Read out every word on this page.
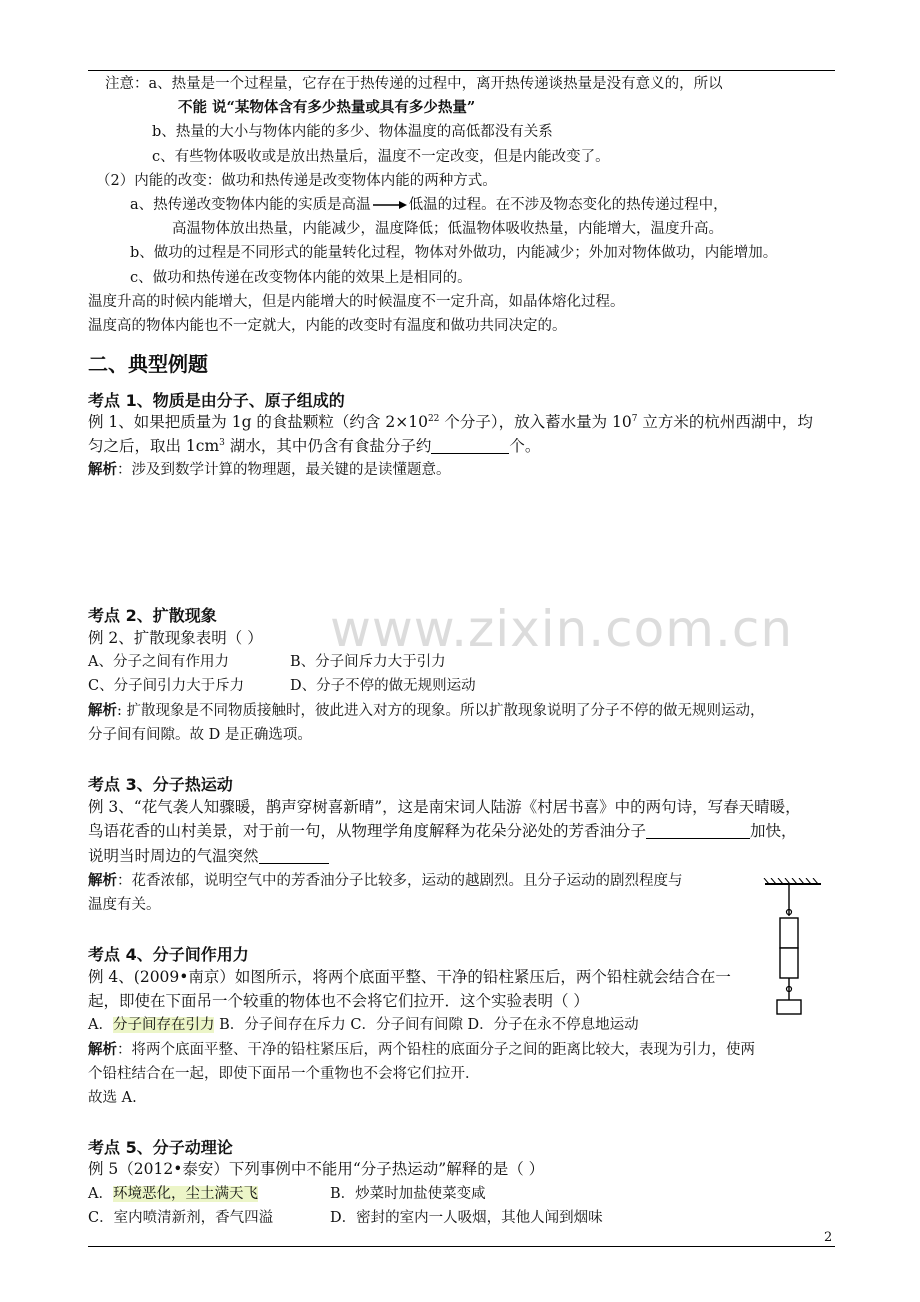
注意：a、热量是一个过程量，它存在于热传递的过程中，离开热传递谈热量是没有意义的，所以
不能 说“某物体含有多少热量或具有多少热量”
b、热量的大小与物体内能的多少、物体温度的高低都没有关系
c、有些物体吸收或是放出热量后，温度不一定改变，但是内能改变了。
（2）内能的改变：做功和热传递是改变物体内能的两种方式。
a、热传递改变物体内能的实质是高温	低温的过程。在不涉及物态变化的热传递过程中，
高温物体放出热量，内能减少，温度降低；低温物体吸收热量，内能增大，温度升高。
b、做功的过程是不同形式的能量转化过程，物体对外做功，内能减少；外加对物体做功，内能增加。
c、做功和热传递在改变物体内能的效果上是相同的。
温度升高的时候内能增大，但是内能增大的时候温度不一定升高，如晶体熔化过程。
温度高的物体内能也不一定就大，内能的改变时有温度和做功共同决定的。
二、典型例题
考点 1、物质是由分子、原子组成的
例 1、如果把质量为 1g 的食盐颗粒（约含 $2\times 10^{22}$ 个分子），放入蓄水量为 $10^7$ 立方米的杭州西湖中，均
匀之后，取出 $1cm^3$ 湖水，其中仍含有食盐分子约	个。
解析：涉及到数学计算的物理题，最关键的是读懂题意。
www.zixin.com.cn
考点 2、扩散现象
例 2、扩散现象表明（ ）
A、分子之间有作用力	B、分子间斥力大于引力
C、分子间引力大于斥力	D、分子不停的做无规则运动
解析: 扩散现象是不同物质接触时，彼此进入对方的现象。所以扩散现象说明了分子不停的做无规则运动，
分子间有间隙。故 D 是正确选项。
考点 3、分子热运动
例 3、“花气袭人知骤暖，鹊声穿树喜新晴”，这是南宋词人陆游《村居书喜》中的两句诗，写春天晴暖，
鸟语花香的山村美景，对于前一句，从物理学角度解释为花朵分泌处的芳香油分子	加快，
说明当时周边的气温突然
解析：花香浓郁，说明空气中的芳香油分子比较多，运动的越剧烈。且分子运动的剧烈程度与
温度有关。
考点 4、分子间作用力
例 4、(2009•南京）如图所示，将两个底面平整、干净的铅柱紧压后，两个铅柱就会结合在一
起，即使在下面吊一个较重的物体也不会将它们拉开．这个实验表明（ ）
A．分子间存在引力 B．分子间存在斥力 C．分子间有间隙 D．分子在永不停息地运动
解析：将两个底面平整、干净的铅柱紧压后，两个铅柱的底面分子之间的距离比较大，表现为引力，使两
个铅柱结合在一起，即使下面吊一个重物也不会将它们拉开．
故选 A.
考点 5、分子动理论
例 5（2012•泰安）下列事例中不能用“分子热运动”解释的是（ ）
A．环境恶化，尘土满天飞	B．炒菜时加盐使菜变咸
C．室内喷清新剂，香气四溢	D．密封的室内一人吸烟，其他人闻到烟味
2
